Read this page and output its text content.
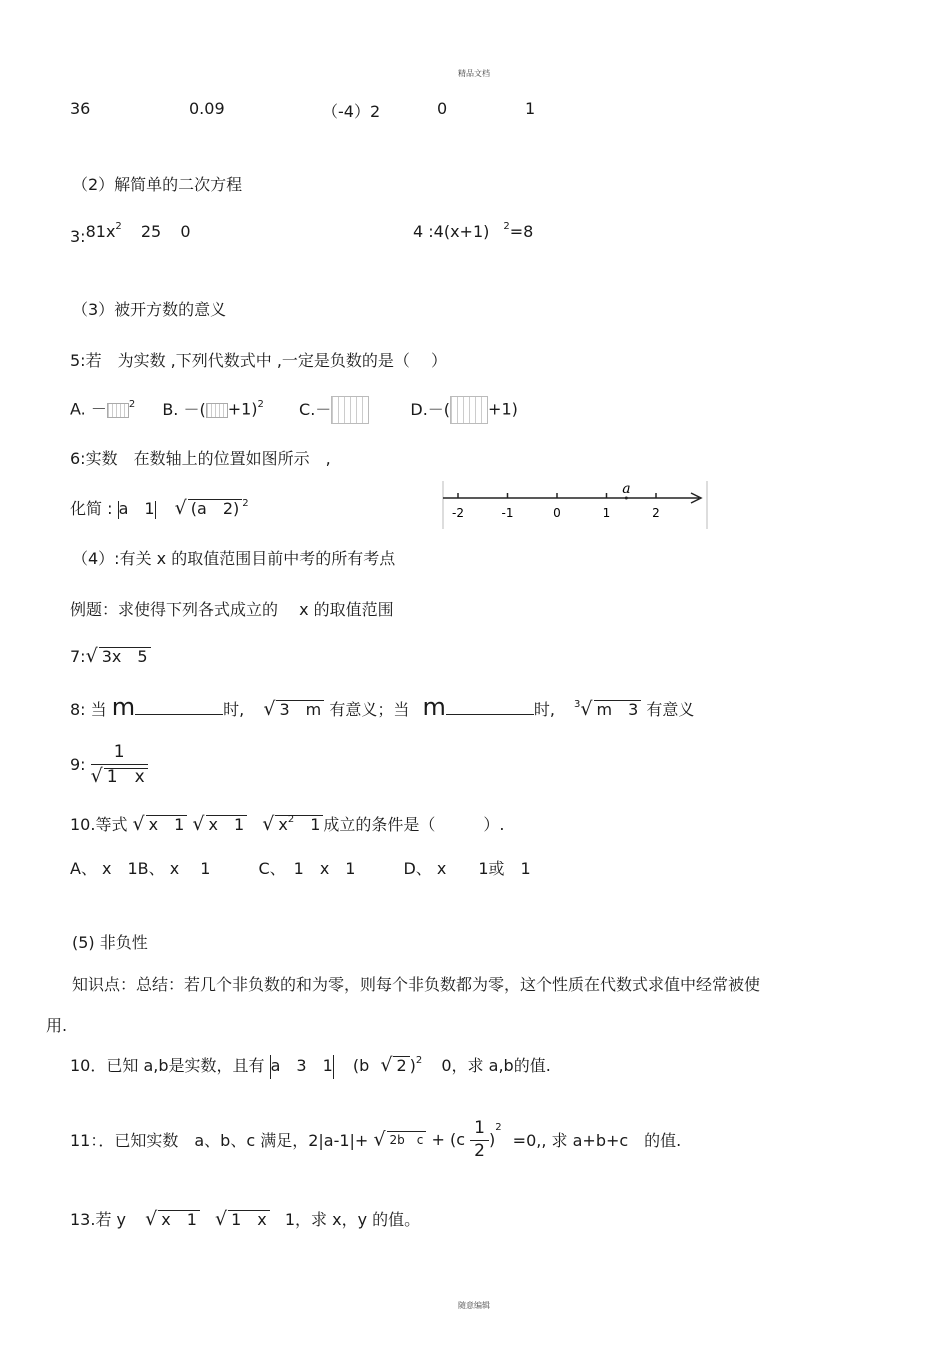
精品文档
36	0.09	（-4）2	0	1
（2）解简单的二次方程
$3:81x^2$ 25 0	4 :4(x+1) $^2$=8
（3）被开方数的意义
5:若　为实数 ,下列代数式中 ,一定是负数的是（　 ）
A. － $^2$ B. －( +1)$^2$ C.－	D.－( +1)
6:实数　在数轴上的位置如图所示　,
化简 : a　1 √ (a　2) $^2$
-2	-1	0	1	2
a
（4）:有关 x 的取值范围目前中考的所有考点
例题：求使得下列各式成立的　 x 的取值范围
7:√ 3x　5
8: 当 m	时, √ 3　m 有意义；当 m	时, $^3$√ m　3 有意义
9: $\frac{1}{√ 1 x}$
10.等式 √ x　1 √ x　1 √ $x^2$　 1 成立的条件是（　　　）.
A、 x　1B、 x　 1　　　C、　1　x　1　　　D、 x　　1或　1
(5) 非负性
知识点：总结：若几个非负数的和为零，则每个非负数都为零，这个性质在代数式求值中经常被使
用.
10．已知 a,b是实数，且有 a　3　1 (b √ 2 )$^2$ 0，求 a,b的值.
11：．已知实数　a、b、c 满足，2|a-1|+ √ 2b　$c + (c \frac{1}{2} )^2 =0$,, 求 a+b+c　的值.
13.若 y √ x　1 √ 1　x 1，求 x，y 的值。
随意编辑
